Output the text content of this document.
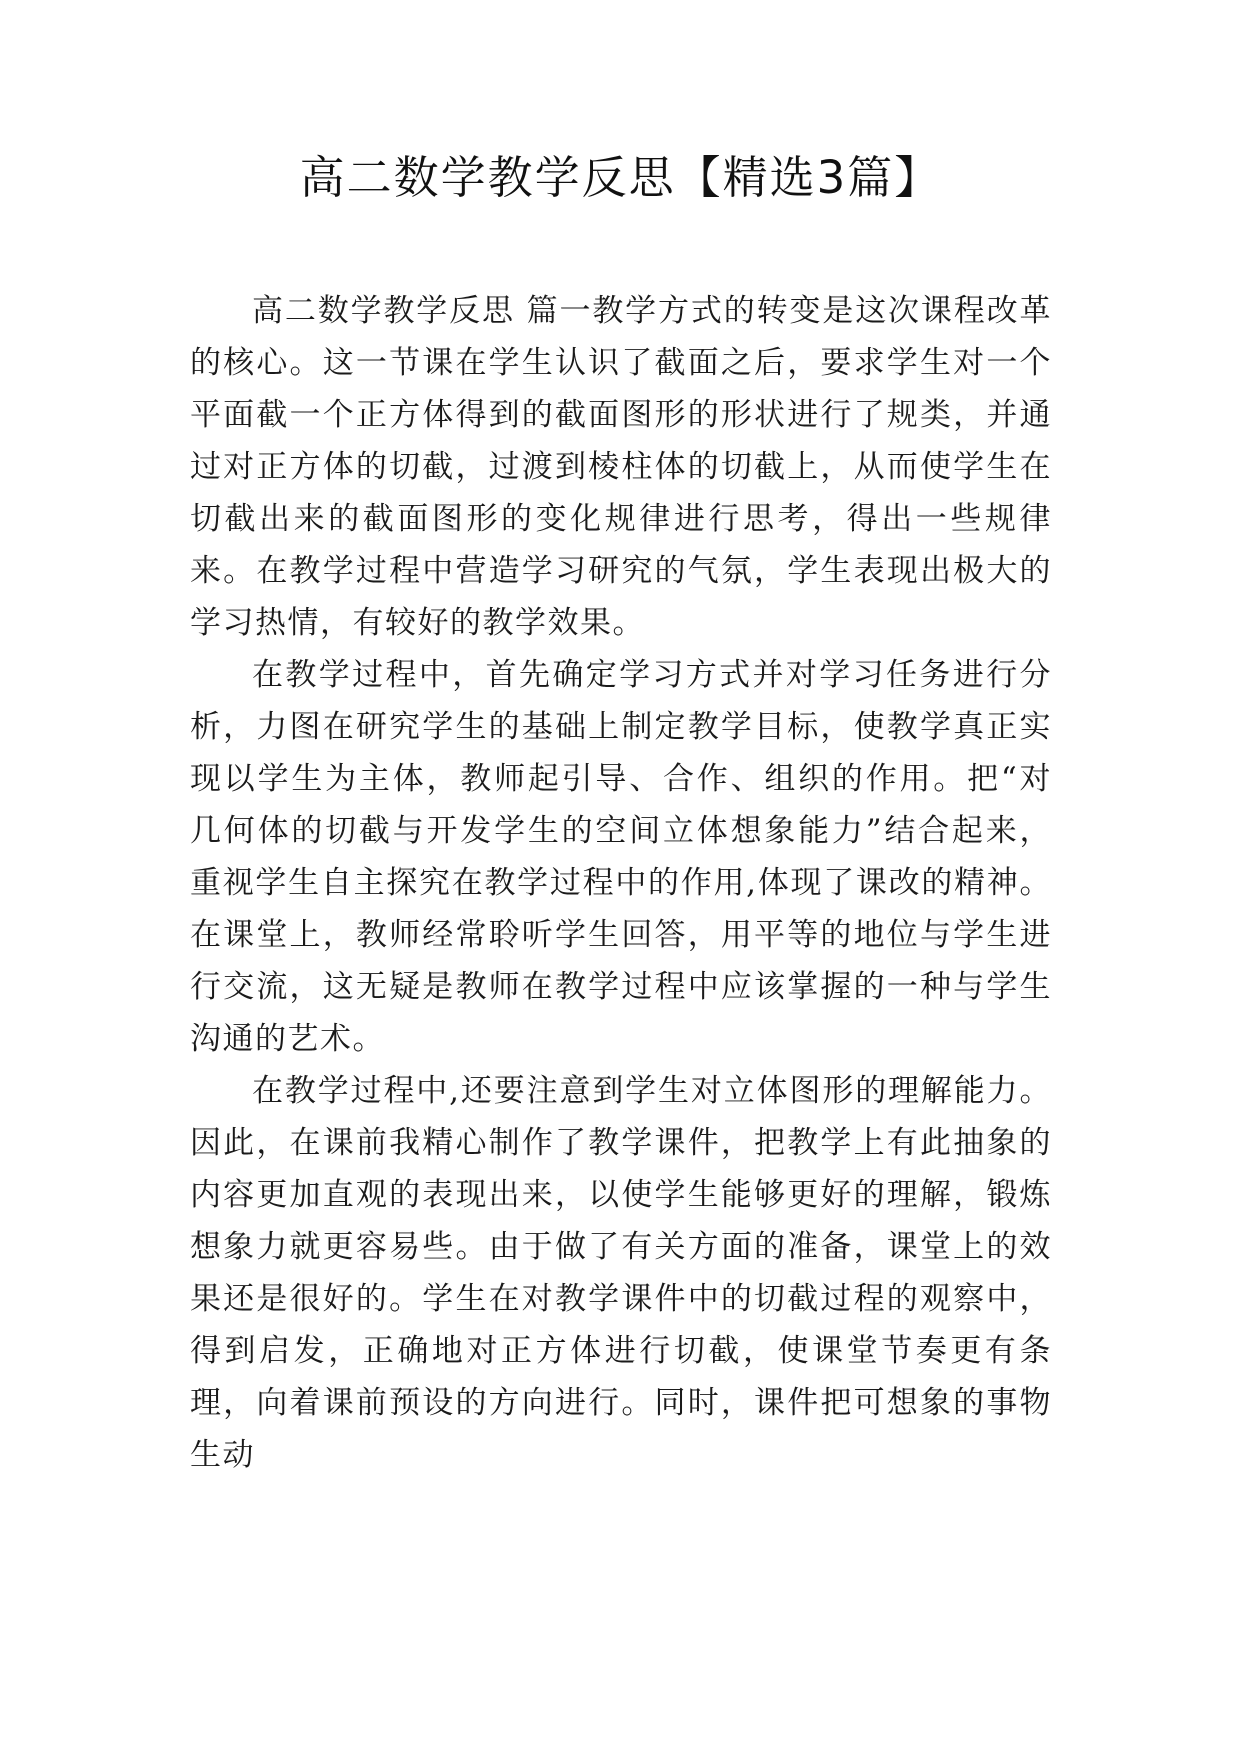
高二数学教学反思【精选3篇】

高二数学教学反思 篇一教学方式的转变是这次课程改革的核心。这一节课在学生认识了截面之后，要求学生对一个平面截一个正方体得到的截面图形的形状进行了规类，并通过对正方体的切截，过渡到棱柱体的切截上，从而使学生在切截出来的截面图形的变化规律进行思考，得出一些规律来。在教学过程中营造学习研究的气氛，学生表现出极大的学习热情，有较好的教学效果。

在教学过程中，首先确定学习方式并对学习任务进行分析，力图在研究学生的基础上制定教学目标，使教学真正实现以学生为主体，教师起引导、合作、组织的作用。把“对几何体的切截与开发学生的空间立体想象能力”结合起来，重视学生自主探究在教学过程中的作用,体现了课改的精神。在课堂上，教师经常聆听学生回答，用平等的地位与学生进行交流，这无疑是教师在教学过程中应该掌握的一种与学生沟通的艺术。

在教学过程中,还要注意到学生对立体图形的理解能力。因此，在课前我精心制作了教学课件，把教学上有此抽象的内容更加直观的表现出来，以使学生能够更好的理解，锻炼想象力就更容易些。由于做了有关方面的准备，课堂上的效果还是很好的。学生在对教学课件中的切截过程的观察中，得到启发，正确地对正方体进行切截，使课堂节奏更有条理，向着课前预设的方向进行。同时，课件把可想象的事物生动
